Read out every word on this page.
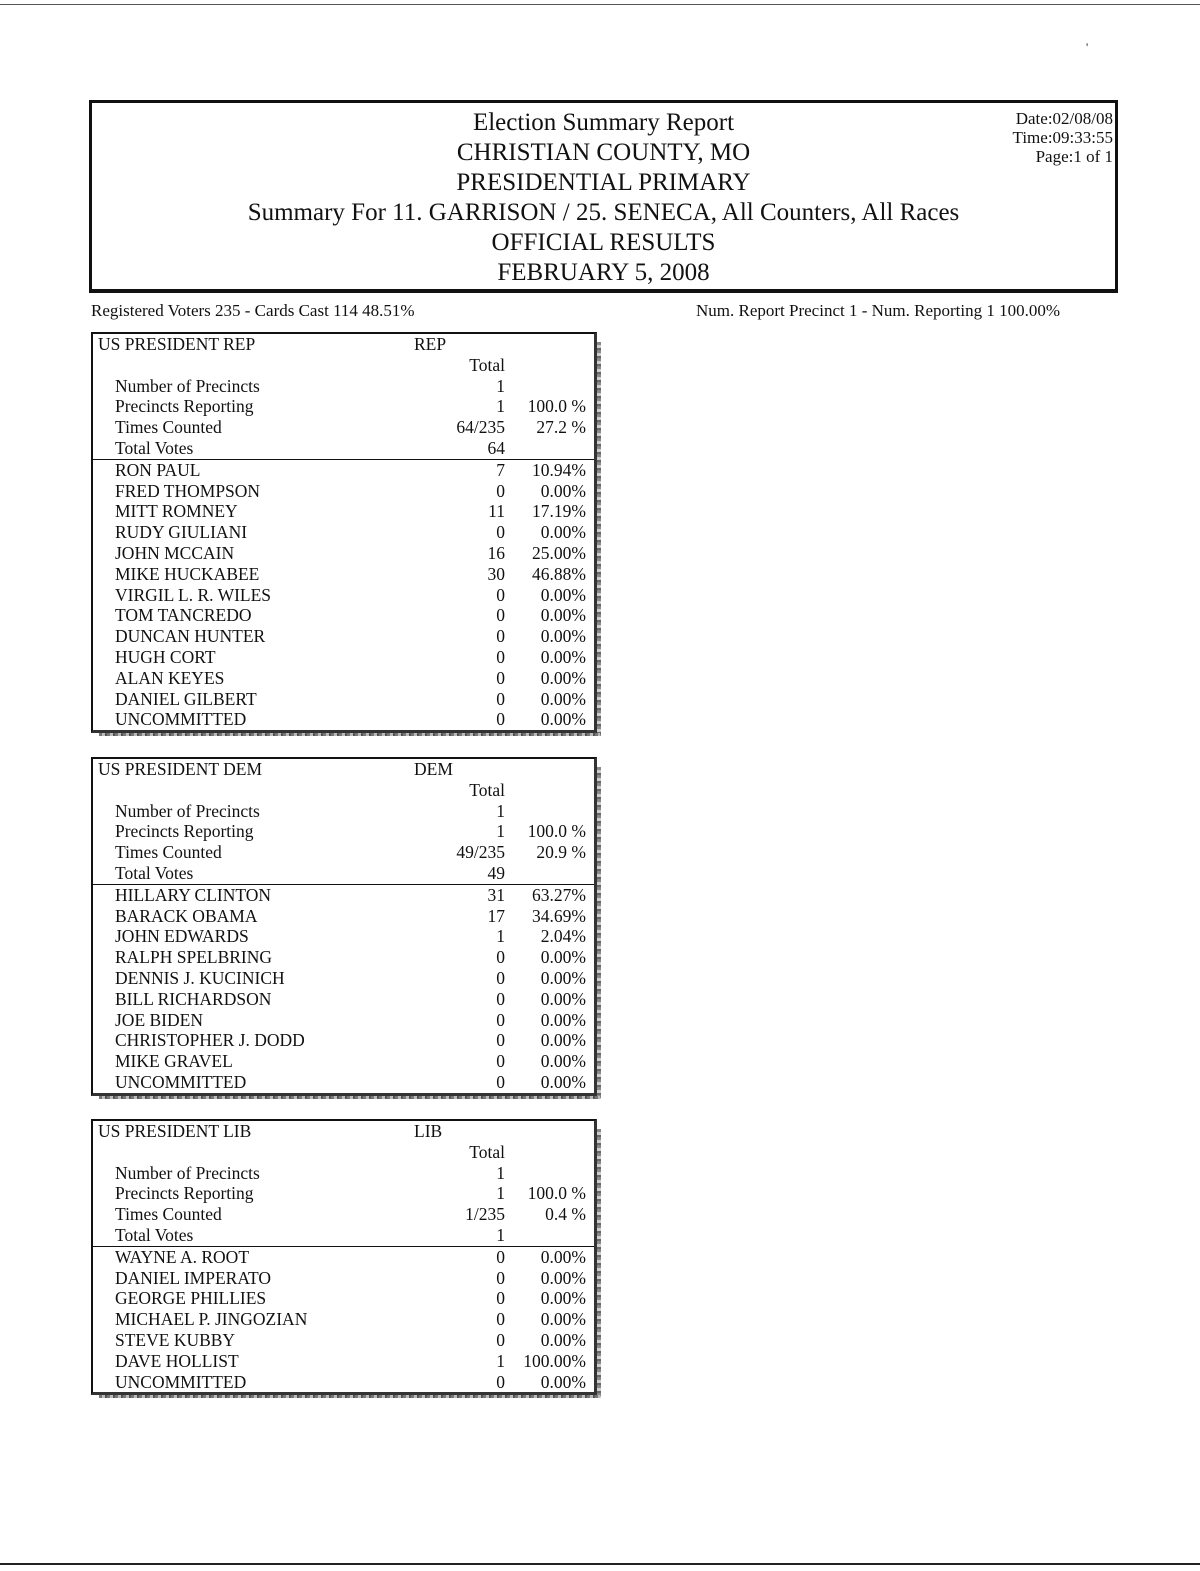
'
Election Summary Report
CHRISTIAN COUNTY, MO
PRESIDENTIAL PRIMARY
Summary For 11. GARRISON / 25. SENECA, All Counters, All Races
OFFICIAL RESULTS
FEBRUARY 5, 2008
Date:02/08/08
Time:09:33:55
Page:1 of 1
Registered Voters 235 - Cards Cast 114 48.51%	Num. Report Precinct 1 - Num. Reporting 1 100.00%
US PRESIDENT REP	REP
Total
Number of Precincts	1
Precincts Reporting	1 100.0 %
Times Counted	64/235 27.2 %
Total Votes	64
RON PAUL	7 10.94%
FRED THOMPSON	0 0.00%
MITT ROMNEY	11 17.19%
RUDY GIULIANI	0 0.00%
JOHN MCCAIN	16 25.00%
MIKE HUCKABEE	30 46.88%
VIRGIL L. R. WILES	0 0.00%
TOM TANCREDO	0 0.00%
DUNCAN HUNTER	0 0.00%
HUGH CORT	0 0.00%
ALAN KEYES	0 0.00%
DANIEL GILBERT	0 0.00%
UNCOMMITTED	0 0.00%
US PRESIDENT DEM	DEM
Total
Number of Precincts	1
Precincts Reporting	1 100.0 %
Times Counted	49/235 20.9 %
Total Votes	49
HILLARY CLINTON	31 63.27%
BARACK OBAMA	17 34.69%
JOHN EDWARDS	1 2.04%
RALPH SPELBRING	0 0.00%
DENNIS J. KUCINICH	0 0.00%
BILL RICHARDSON	0 0.00%
JOE BIDEN	0 0.00%
CHRISTOPHER J. DODD	0 0.00%
MIKE GRAVEL	0 0.00%
UNCOMMITTED	0 0.00%
US PRESIDENT LIB	LIB
Total
Number of Precincts	1
Precincts Reporting	1 100.0 %
Times Counted	1/235 0.4 %
Total Votes	1
WAYNE A. ROOT	0 0.00%
DANIEL IMPERATO	0 0.00%
GEORGE PHILLIES	0 0.00%
MICHAEL P. JINGOZIAN	0 0.00%
STEVE KUBBY	0 0.00%
DAVE HOLLIST	1 100.00%
UNCOMMITTED	0 0.00%
